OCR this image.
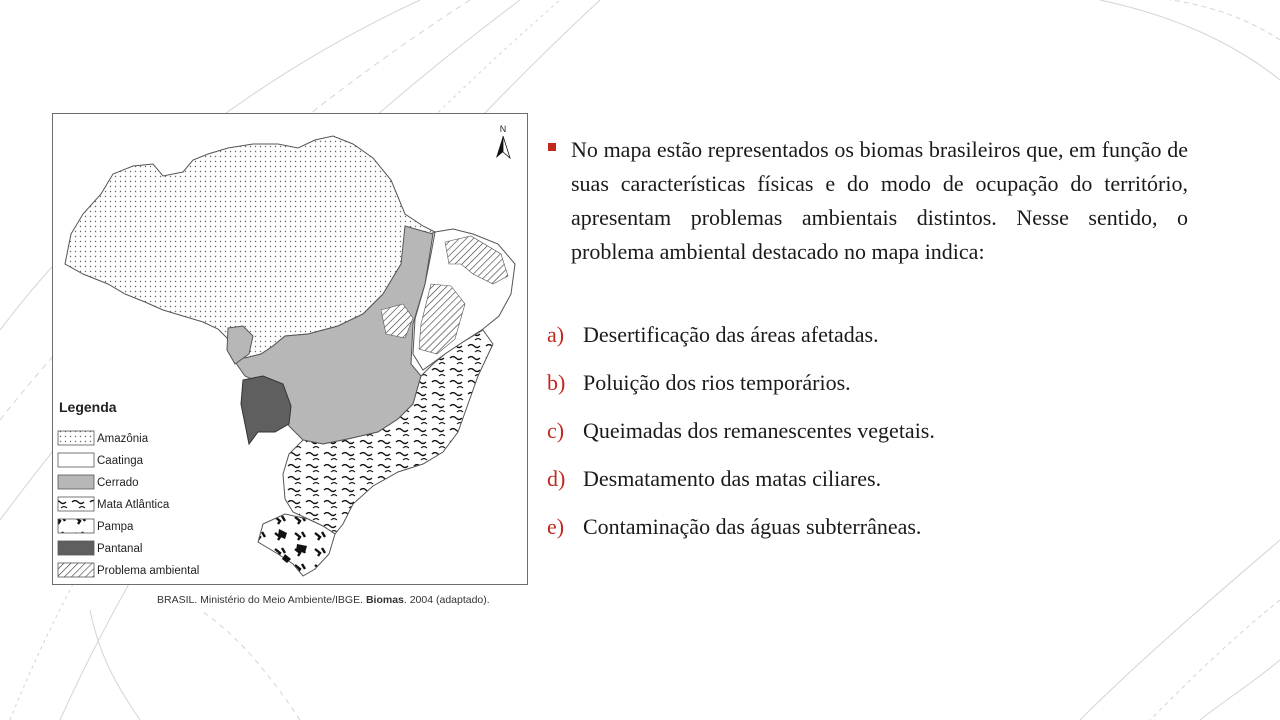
N
Legenda
Amazônia
Caatinga
Cerrado
Mata Atlântica
Pampa
Pantanal
Problema ambiental
BRASIL. Ministério do Meio Ambiente/IBGE. Biomas. 2004 (adaptado).
No mapa estão representados os biomas brasileiros que, em função de suas características físicas e do modo de ocupação do território, apresentam problemas ambientais distintos. Nesse sentido, o problema ambiental destacado no mapa indica:
a) Desertificação das áreas afetadas.
b) Poluição dos rios temporários.
c) Queimadas dos remanescentes vegetais.
d) Desmatamento das matas ciliares.
e) Contaminação das águas subterrâneas.
